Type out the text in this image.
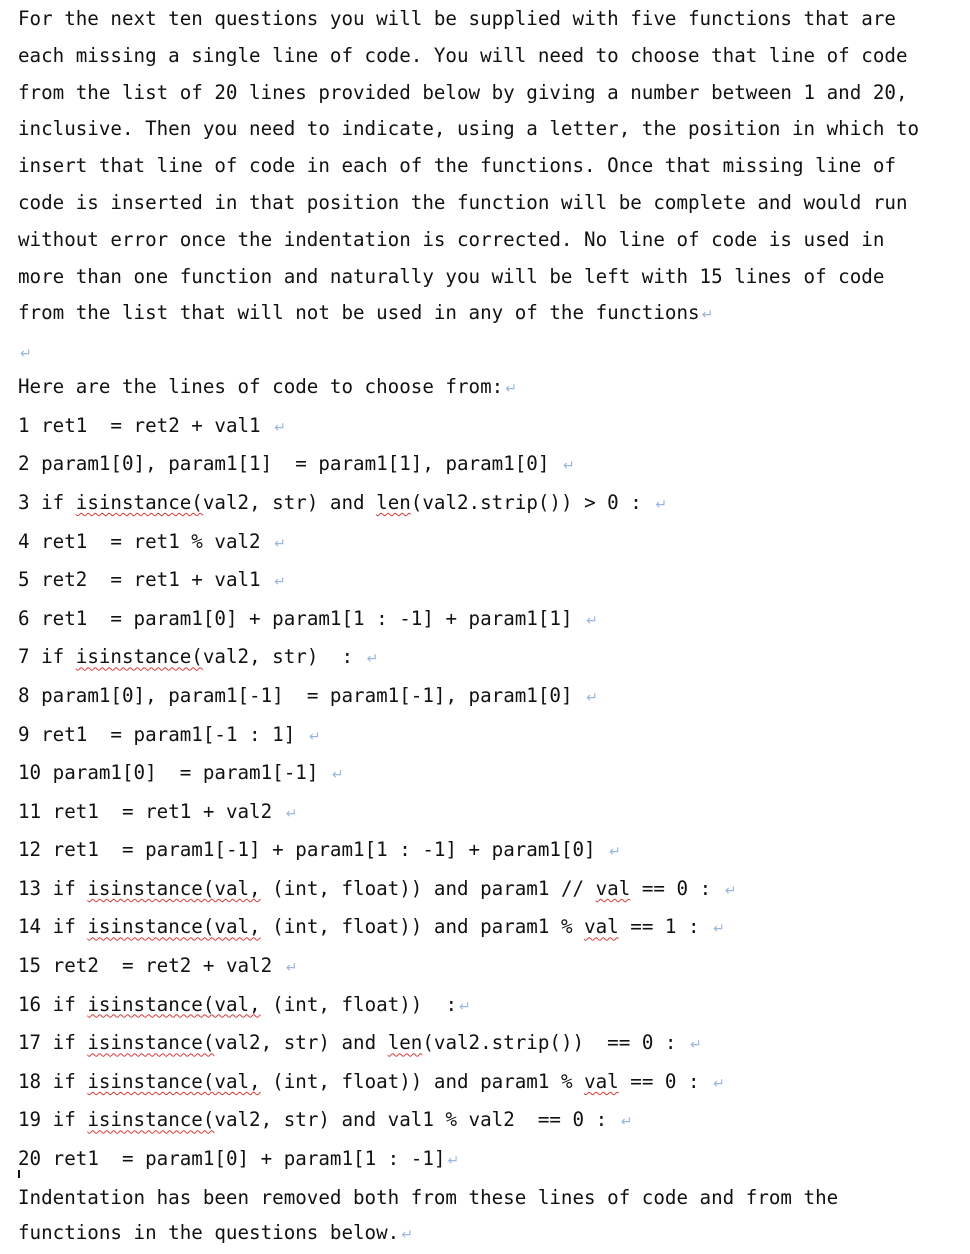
For the next ten questions you will be supplied with five functions that are

each missing a single line of code. You will need to choose that line of code

from the list of 20 lines provided below by giving a number between 1 and 20,

inclusive. Then you need to indicate, using a letter, the position in which to

insert that line of code in each of the functions. Once that missing line of

code is inserted in that position the function will be complete and would run

without error once the indentation is corrected. No line of code is used in

more than one function and naturally you will be left with 15 lines of code

from the list that will not be used in any of the functions ↵

↵

Here are the lines of code to choose from: ↵

1 ret1  = ret2 + val1 ↵

2 param1[0], param1[1]  = param1[1], param1[0] ↵

3 if isinstance(val2, str) and len(val2.strip()) > 0 : ↵

4 ret1  = ret1 % val2 ↵

5 ret2  = ret1 + val1 ↵

6 ret1  = param1[0] + param1[1 : -1] + param1[1] ↵

7 if isinstance(val2, str)  : ↵

8 param1[0], param1[-1]  = param1[-1], param1[0] ↵

9 ret1  = param1[-1 : 1] ↵

10 param1[0]  = param1[-1] ↵

11 ret1  = ret1 + val2 ↵

12 ret1  = param1[-1] + param1[1 : -1] + param1[0] ↵

13 if isinstance(val, (int, float)) and param1 // val == 0 : ↵

14 if isinstance(val, (int, float)) and param1 % val == 1 : ↵

15 ret2  = ret2 + val2 ↵

16 if isinstance(val, (int, float))  : ↵

17 if isinstance(val2, str) and len(val2.strip())  == 0 : ↵

18 if isinstance(val, (int, float)) and param1 % val == 0 : ↵

19 if isinstance(val2, str) and val1 % val2  == 0 : ↵

20 ret1  = param1[0] + param1[1 : -1] ↵

Indentation has been removed both from these lines of code and from the

functions in the questions below. ↵
